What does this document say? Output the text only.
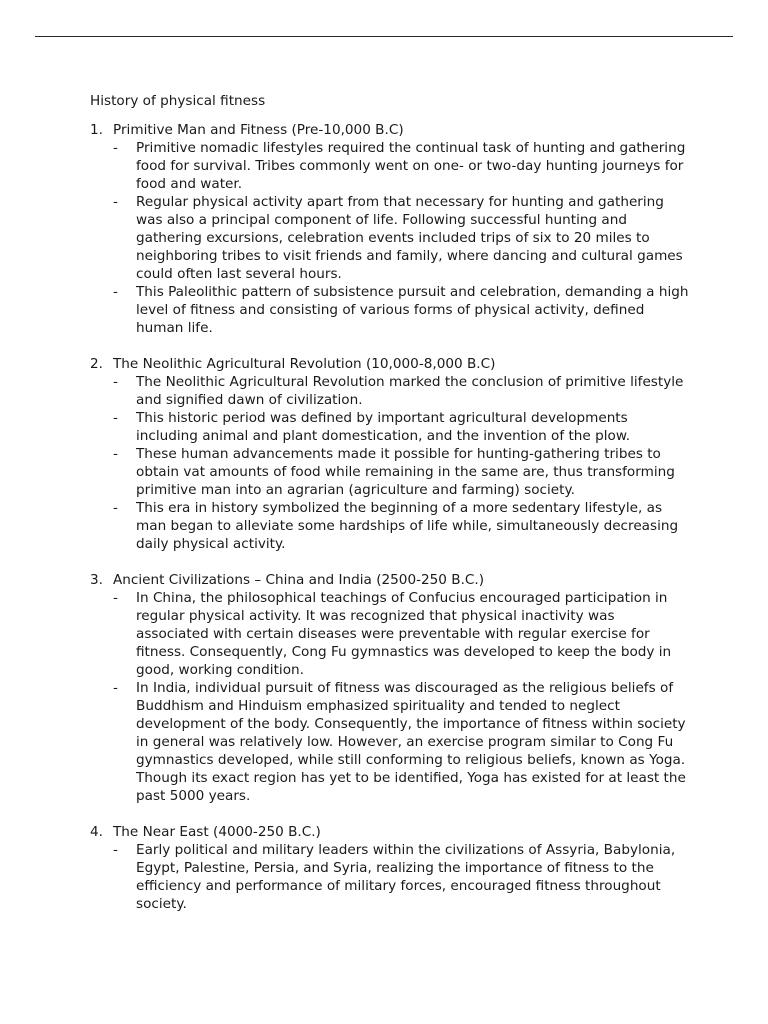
History of physical fitness

1. Primitive Man and Fitness (Pre-10,000 B.C)
-	Primitive nomadic lifestyles required the continual task of hunting and gathering food for survival. Tribes commonly went on one- or two-day hunting journeys for food and water.
-	Regular physical activity apart from that necessary for hunting and gathering was also a principal component of life. Following successful hunting and gathering excursions, celebration events included trips of six to 20 miles to neighboring tribes to visit friends and family, where dancing and cultural games could often last several hours.
-	This Paleolithic pattern of subsistence pursuit and celebration, demanding a high level of fitness and consisting of various forms of physical activity, defined human life.
2. The Neolithic Agricultural Revolution (10,000-8,000 B.C)
-	The Neolithic Agricultural Revolution marked the conclusion of primitive lifestyle and signified dawn of civilization.
-	This historic period was defined by important agricultural developments including animal and plant domestication, and the invention of the plow.
-	These human advancements made it possible for hunting-gathering tribes to obtain vat amounts of food while remaining in the same are, thus transforming primitive man into an agrarian (agriculture and farming) society.
-	This era in history symbolized the beginning of a more sedentary lifestyle, as man began to alleviate some hardships of life while, simultaneously decreasing daily physical activity.
3. Ancient Civilizations – China and India (2500-250 B.C.)
-	In China, the philosophical teachings of Confucius encouraged participation in regular physical activity. It was recognized that physical inactivity was associated with certain diseases were preventable with regular exercise for fitness. Consequently, Cong Fu gymnastics was developed to keep the body in good, working condition.
-	In India, individual pursuit of fitness was discouraged as the religious beliefs of Buddhism and Hinduism emphasized spirituality and tended to neglect development of the body. Consequently, the importance of fitness within society in general was relatively low. However, an exercise program similar to Cong Fu gymnastics developed, while still conforming to religious beliefs, known as Yoga. Though its exact region has yet to be identified, Yoga has existed for at least the past 5000 years.
4. The Near East (4000-250 B.C.)
-	Early political and military leaders within the civilizations of Assyria, Babylonia, Egypt, Palestine, Persia, and Syria, realizing the importance of fitness to the efficiency and performance of military forces, encouraged fitness throughout society.
